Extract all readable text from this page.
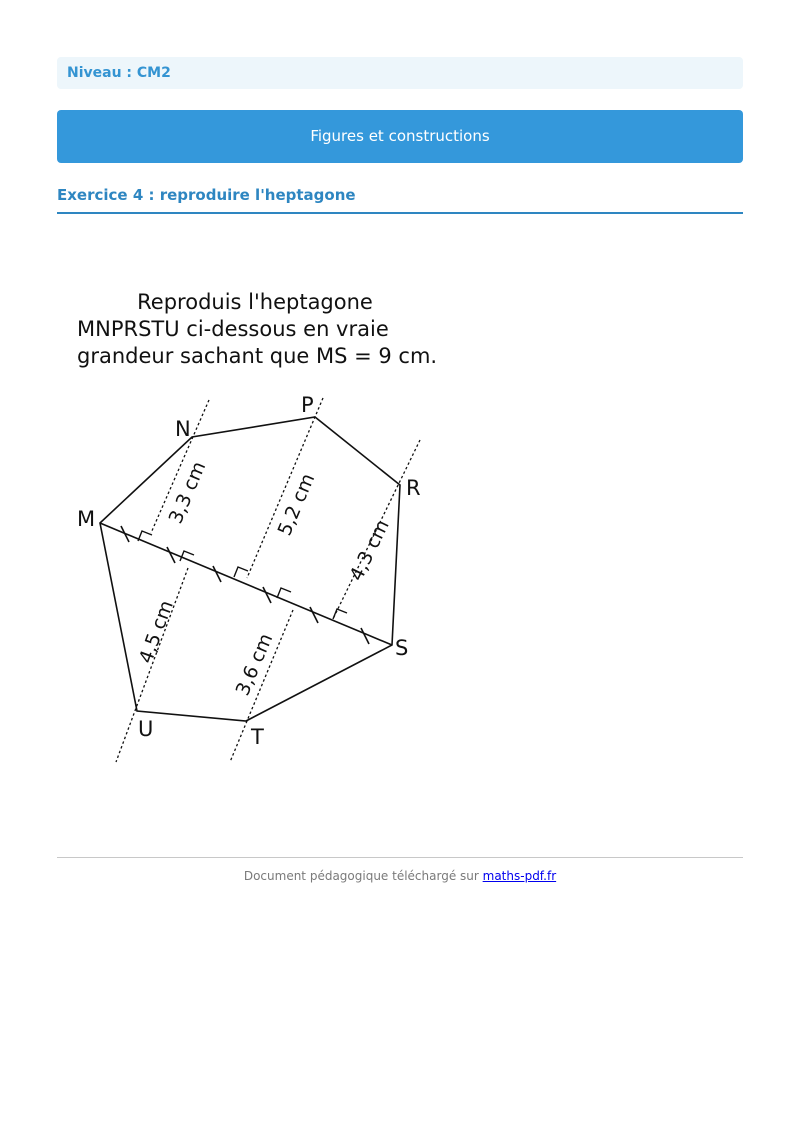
Niveau : CM2
Figures et constructions
Exercice 4 : reproduire l'heptagone
Reproduis l'heptagone
MNPRSTU ci-dessous en vraie
grandeur sachant que MS = 9 cm.
M
N
P
R
S
T
U
3,3 cm	5,2 cm
4,3 cm
4,5 cm	3,6 cm
Document pédagogique téléchargé sur maths-pdf.fr
